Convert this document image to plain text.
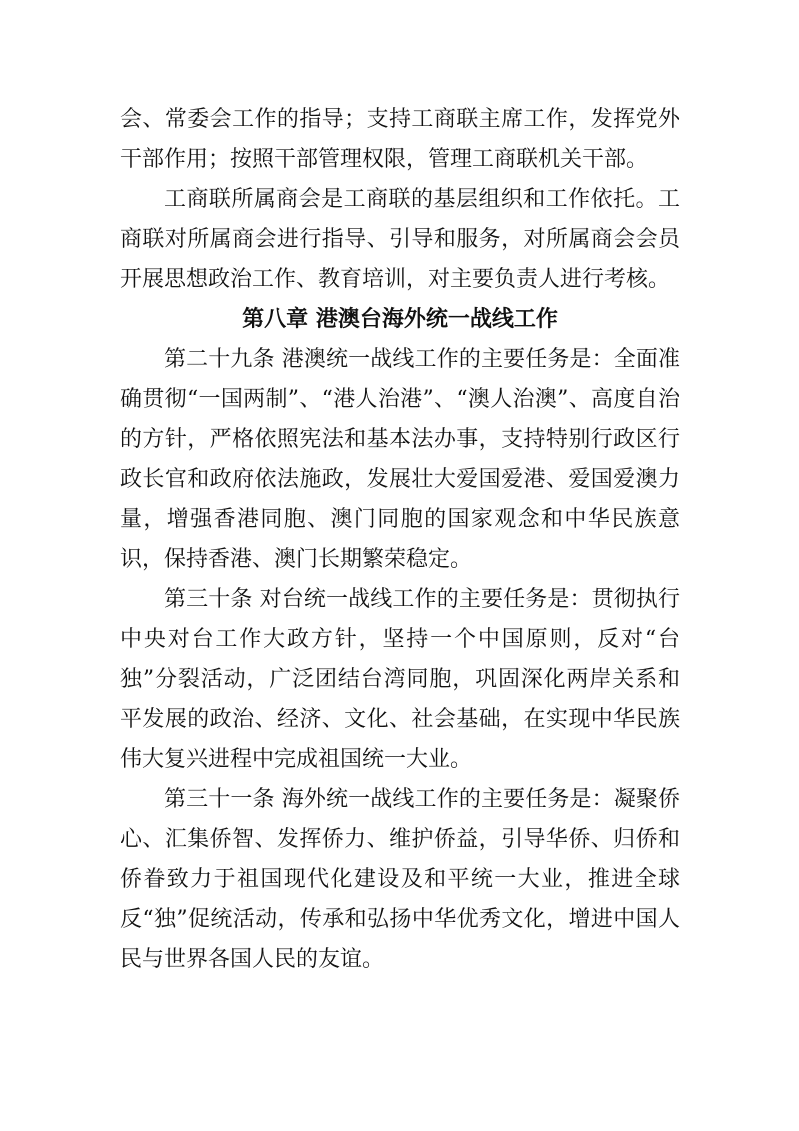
会、常委会工作的指导；支持工商联主席工作，发挥党外干部作用；按照干部管理权限，管理工商联机关干部。

工商联所属商会是工商联的基层组织和工作依托。工商联对所属商会进行指导、引导和服务，对所属商会会员开展思想政治工作、教育培训，对主要负责人进行考核。

第八章 港澳台海外统一战线工作

第二十九条 港澳统一战线工作的主要任务是：全面准确贯彻“一国两制”、“港人治港”、“澳人治澳”、高度自治的方针，严格依照宪法和基本法办事，支持特别行政区行政长官和政府依法施政，发展壮大爱国爱港、爱国爱澳力量，增强香港同胞、澳门同胞的国家观念和中华民族意识，保持香港、澳门长期繁荣稳定。

第三十条 对台统一战线工作的主要任务是：贯彻执行中央对台工作大政方针，坚持一个中国原则，反对“台独”分裂活动，广泛团结台湾同胞，巩固深化两岸关系和平发展的政治、经济、文化、社会基础，在实现中华民族伟大复兴进程中完成祖国统一大业。

第三十一条 海外统一战线工作的主要任务是：凝聚侨心、汇集侨智、发挥侨力、维护侨益，引导华侨、归侨和侨眷致力于祖国现代化建设及和平统一大业，推进全球反“独”促统活动，传承和弘扬中华优秀文化，增进中国人民与世界各国人民的友谊。
